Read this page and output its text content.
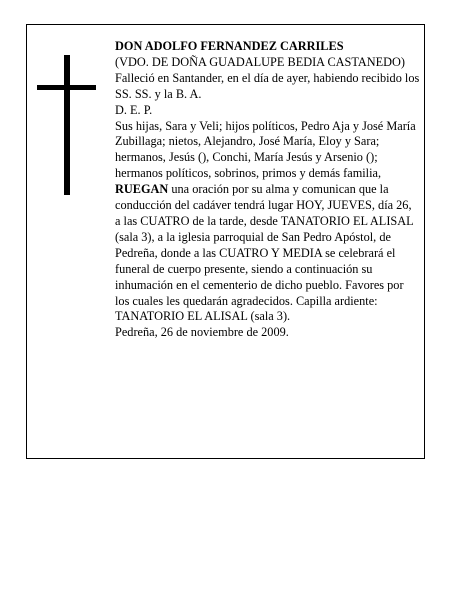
DON ADOLFO FERNANDEZ CARRILES

(VDO. DE DOÑA GUADALUPE BEDIA CASTANEDO)

Falleció en Santander, en el día de ayer, habiendo recibido los SS. SS. y la B. A.

D. E. P.

Sus hijas, Sara y Veli; hijos políticos, Pedro Aja y José María Zubillaga; nietos, Alejandro, José María, Eloy y Sara; hermanos, Jesús (), Conchi, María Jesús y Arsenio (); hermanos políticos, sobrinos, primos y demás familia,

RUEGAN una oración por su alma y comunican que la conducción del cadáver tendrá lugar HOY, JUEVES, día 26, a las CUATRO de la tarde, desde TANATORIO EL ALISAL (sala 3), a la iglesia parroquial de San Pedro Apóstol, de Pedreña, donde a las CUATRO Y MEDIA se celebrará el funeral de cuerpo presente, siendo a continuación su inhumación en el cementerio de dicho pueblo. Favores por los cuales les quedarán agradecidos. Capilla ardiente: TANATORIO EL ALISAL (sala 3).

Pedreña, 26 de noviembre de 2009.
